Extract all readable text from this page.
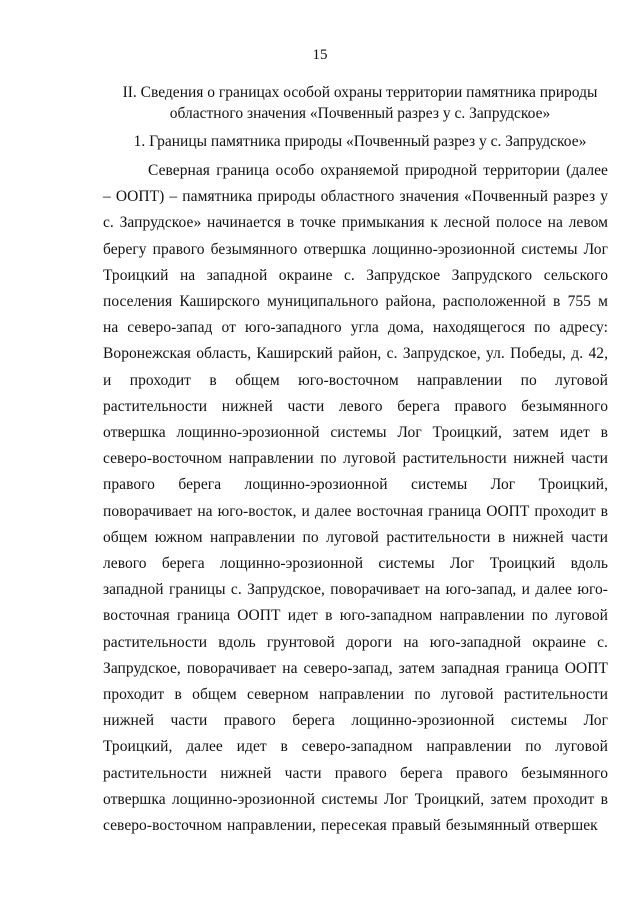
15
II. Сведения о границах особой охраны территории памятника природы областного значения «Почвенный разрез у с. Запрудское»
1. Границы памятника природы «Почвенный разрез у с. Запрудское»

Северная граница особо охраняемой природной территории (далее – ООПТ) – памятника природы областного значения «Почвенный разрез у с. Запрудское» начинается в точке примыкания к лесной полосе на левом берегу правого безымянного отвершка лощинно-эрозионной системы Лог Троицкий на западной окраине с. Запрудское Запрудского сельского поселения Каширского муниципального района, расположенной в 755 м на северо-запад от юго-западного угла дома, находящегося по адресу: Воронежская область, Каширский район, с. Запрудское, ул. Победы, д. 42, и проходит в общем юго-восточном направлении по луговой растительности нижней части левого берега правого безымянного отвершка лощинно-эрозионной системы Лог Троицкий, затем идет в северо-восточном направлении по луговой растительности нижней части правого берега лощинно-эрозионной системы Лог Троицкий, поворачивает на юго-восток, и далее восточная граница ООПТ проходит в общем южном направлении по луговой растительности в нижней части левого берега лощинно-эрозионной системы Лог Троицкий вдоль западной границы с. Запрудское, поворачивает на юго-запад, и далее юго-восточная граница ООПТ идет в юго-западном направлении по луговой растительности вдоль грунтовой дороги на юго-западной окраине с. Запрудское, поворачивает на северо-запад, затем западная граница ООПТ проходит в общем северном направлении по луговой растительности нижней части правого берега лощинно-эрозионной системы Лог Троицкий, далее идет в северо-западном направлении по луговой растительности нижней части правого берега правого безымянного отвершка лощинно-эрозионной системы Лог Троицкий, затем проходит в северо-восточном направлении, пересекая правый безымянный отвершек
